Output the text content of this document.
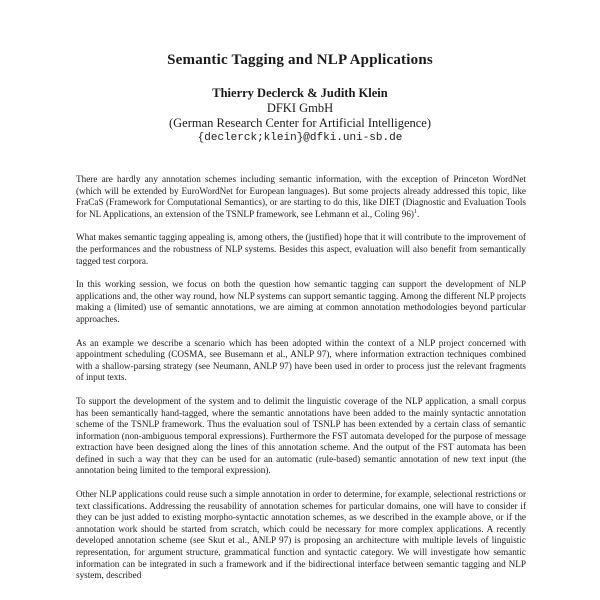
Semantic Tagging and NLP Applications
Thierry Declerck & Judith Klein
DFKI GmbH
(German Research Center for Artificial Intelligence)
{declerck;klein}@dfki.uni-sb.de

There are hardly any annotation schemes including semantic information, with the exception of Princeton WordNet (which will be extended by EuroWordNet for European languages). But some projects already addressed this topic, like FraCaS (Framework for Computational Semantics), or are starting to do this, like DIET (Diagnostic and Evaluation Tools for NL Applications, an extension of the TSNLP framework, see Lehmann et al., Coling 96)$^1$.

What makes semantic tagging appealing is, among others, the (justified) hope that it will contribute to the improvement of the performances and the robustness of NLP systems. Besides this aspect, evaluation will also benefit from semantically tagged test corpora.

In this working session, we focus on both the question how semantic tagging can support the development of NLP applications and, the other way round, how NLP systems can support semantic tagging. Among the different NLP projects making a (limited) use of semantic annotations, we are aiming at common annotation methodologies beyond particular approaches.

As an example we describe a scenario which has been adopted within the context of a NLP project concerned with appointment scheduling (COSMA, see Busemann et al., ANLP 97), where information extraction techniques combined with a shallow-parsing strategy (see Neumann, ANLP 97) have been used in order to process just the relevant fragments of input texts.

To support the development of the system and to delimit the linguistic coverage of the NLP application, a small corpus has been semantically hand-tagged, where the semantic annotations have been added to the mainly syntactic annotation scheme of the TSNLP framework. Thus the evaluation soul of TSNLP has been extended by a certain class of semantic information (non-ambiguous temporal expressions). Furthermore the FST automata developed for the purpose of message extraction have been designed along the lines of this annotation scheme. And the output of the FST automata has been defined in such a way that they can be used for an automatic (rule-based) semantic annotation of new text input (the annotation being limited to the temporal expression).

Other NLP applications could reuse such a simple annotation in order to determine, for example, selectional restrictions or text classifications. Addressing the reusability of annotation schemes for particular domains, one will have to consider if they can be just added to existing morpho-syntactic annotation schemes, as we described in the example above, or if the annotation work should be started from scratch, which could be necessary for more complex applications. A recently developed annotation scheme (see Skut et al., ANLP 97) is proposing an architecture with multiple levels of linguistic representation, for argument structure, grammatical function and syntactic category. We will investigate how semantic information can be integrated in such a framework and if the bidirectional interface between semantic tagging and NLP system, described
